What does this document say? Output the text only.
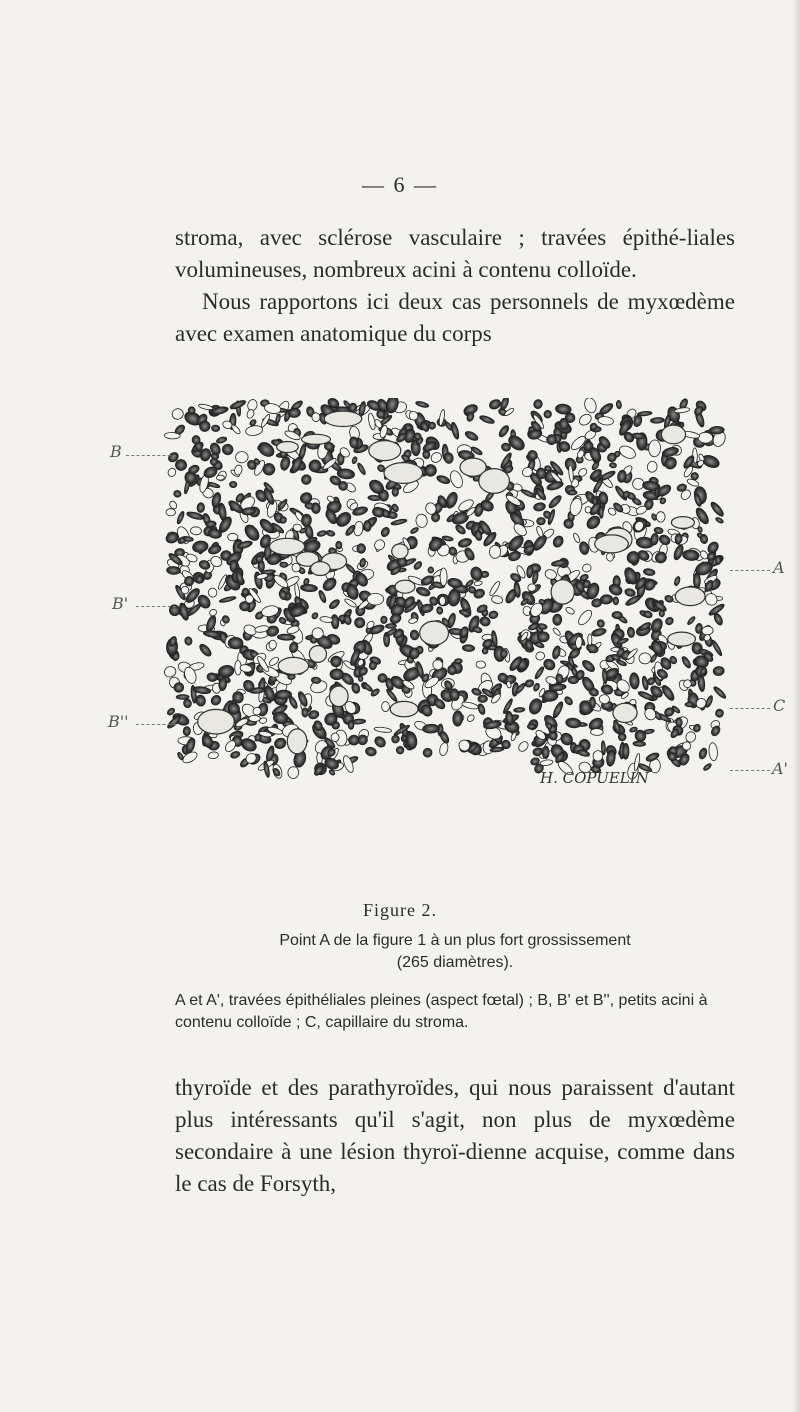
— 6 —

stroma, avec sclérose vasculaire ; travées épithé-liales volumineuses, nombreux acini à contenu colloïde.
Nous rapportons ici deux cas personnels de myxœdème avec examen anatomique du corps

H. COPUELIN
B
B'
B''
A
C
A'
Figure 2.
Point A de la figure 1 à un plus fort grossissement
(265 diamètres).
A et A', travées épithéliales pleines (aspect fœtal) ; B, B' et B'', petits acini à contenu colloïde ; C, capillaire du stroma.

thyroïde et des parathyroïdes, qui nous paraissent d'autant plus intéressants qu'il s'agit, non plus de myxœdème secondaire à une lésion thyroï-dienne acquise, comme dans le cas de Forsyth,
